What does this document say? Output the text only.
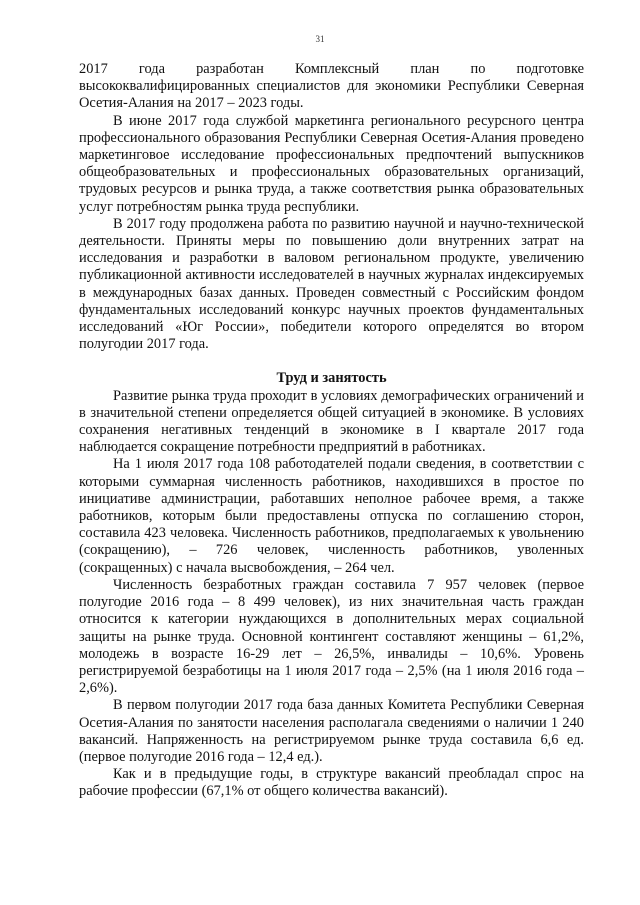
31

2017 года разработан Комплексный план по подготовке высококвалифицированных специалистов для экономики Республики Северная Осетия-Алания на 2017 – 2023 годы.

В июне 2017 года службой маркетинга регионального ресурсного центра профессионального образования Республики Северная Осетия-Алания проведено маркетинговое исследование профессиональных предпочтений выпускников общеобразовательных и профессиональных образовательных организаций, трудовых ресурсов и рынка труда, а также соответствия рынка образовательных услуг потребностям рынка труда республики.

В 2017 году продолжена работа по развитию научной и научно-технической деятельности. Приняты меры по повышению доли внутренних затрат на исследования и разработки в валовом региональном продукте, увеличению публикационной активности исследователей в научных журналах индексируемых в международных базах данных. Проведен совместный с Российским фондом фундаментальных исследований конкурс научных проектов фундаментальных исследований «Юг России», победители которого определятся во втором полугодии 2017 года.

Труд и занятость

Развитие рынка труда проходит в условиях демографических ограничений и в значительной степени определяется общей ситуацией в экономике. В условиях сохранения негативных тенденций в экономике в I квартале 2017 года наблюдается сокращение потребности предприятий в работниках.

На 1 июля 2017 года 108 работодателей подали сведения, в соответствии с которыми суммарная численность работников, находившихся в простое по инициативе администрации, работавших неполное рабочее время, а также работников, которым были предоставлены отпуска по соглашению сторон, составила 423 человека. Численность работников, предполагаемых к увольнению (сокращению), – 726 человек, численность работников, уволенных (сокращенных) с начала высвобождения, – 264 чел.

Численность безработных граждан составила 7 957 человек (первое полугодие 2016 года – 8 499 человек), из них значительная часть граждан относится к категории нуждающихся в дополнительных мерах социальной защиты на рынке труда. Основной контингент составляют женщины – 61,2%, молодежь в возрасте 16-29 лет – 26,5%, инвалиды – 10,6%. Уровень регистрируемой безработицы на 1 июля 2017 года – 2,5% (на 1 июля 2016 года – 2,6%).

В первом полугодии 2017 года база данных Комитета Республики Северная Осетия-Алания по занятости населения располагала сведениями о наличии 1 240 вакансий. Напряженность на регистрируемом рынке труда составила 6,6 ед. (первое полугодие 2016 года – 12,4 ед.).

Как и в предыдущие годы, в структуре вакансий преобладал спрос на рабочие профессии (67,1% от общего количества вакансий).
